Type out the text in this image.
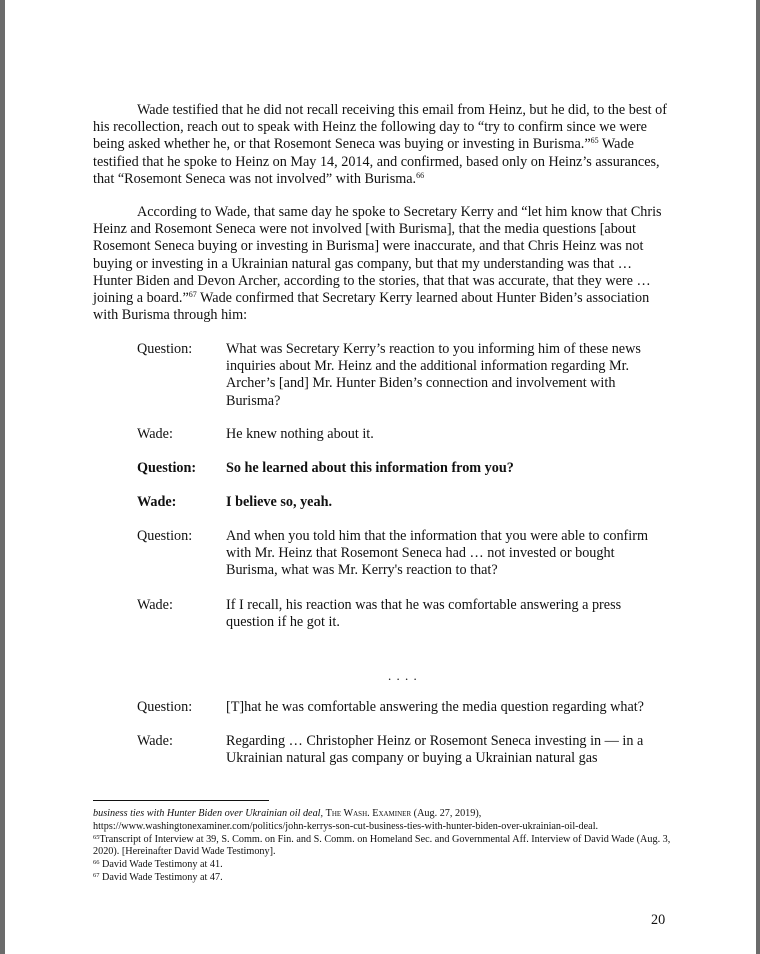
Wade testified that he did not recall receiving this email from Heinz, but he did, to the best of his recollection, reach out to speak with Heinz the following day to “try to confirm since we were being asked whether he, or that Rosemont Seneca was buying or investing in Burisma.”$^{65}$ Wade testified that he spoke to Heinz on May 14, 2014, and confirmed, based only on Heinz’s assurances, that “Rosemont Seneca was not involved” with Burisma.$^{66}$

According to Wade, that same day he spoke to Secretary Kerry and “let him know that Chris Heinz and Rosemont Seneca were not involved [with Burisma], that the media questions [about Rosemont Seneca buying or investing in Burisma] were inaccurate, and that Chris Heinz was not buying or investing in a Ukrainian natural gas company, but that my understanding was that … Hunter Biden and Devon Archer, according to the stories, that that was accurate, that they were … joining a board.”$^{67}$ Wade confirmed that Secretary Kerry learned about Hunter Biden’s association with Burisma through him:

Question:	What was Secretary Kerry’s reaction to you informing him of these news inquiries about Mr. Heinz and the additional information regarding Mr. Archer’s [and] Mr. Hunter Biden’s connection and involvement with Burisma?
Wade:	He knew nothing about it.
Question:	So he learned about this information from you?
Wade:	I believe so, yeah.
Question:	And when you told him that the information that you were able to confirm with Mr. Heinz that Rosemont Seneca had … not invested or bought Burisma, what was Mr. Kerry's reaction to that?
Wade:	If I recall, his reaction was that he was comfortable answering a press question if he got it.
. . . .
Question:	[T]hat he was comfortable answering the media question regarding what?
Wade:	Regarding … Christopher Heinz or Rosemont Seneca investing in — in a Ukrainian natural gas company or buying a Ukrainian natural gas
business ties with Hunter Biden over Ukrainian oil deal, The Wash. Examiner (Aug. 27, 2019),
https://www.washingtonexaminer.com/politics/john-kerrys-son-cut-business-ties-with-hunter-biden-over-ukrainian-oil-deal.
$^{65}$Transcript of Interview at 39, S. Comm. on Fin. and S. Comm. on Homeland Sec. and Governmental Aff. Interview of David Wade (Aug. 3, 2020). [Hereinafter David Wade Testimony].
$^{66}$ David Wade Testimony at 41.
$^{67}$ David Wade Testimony at 47.
20
